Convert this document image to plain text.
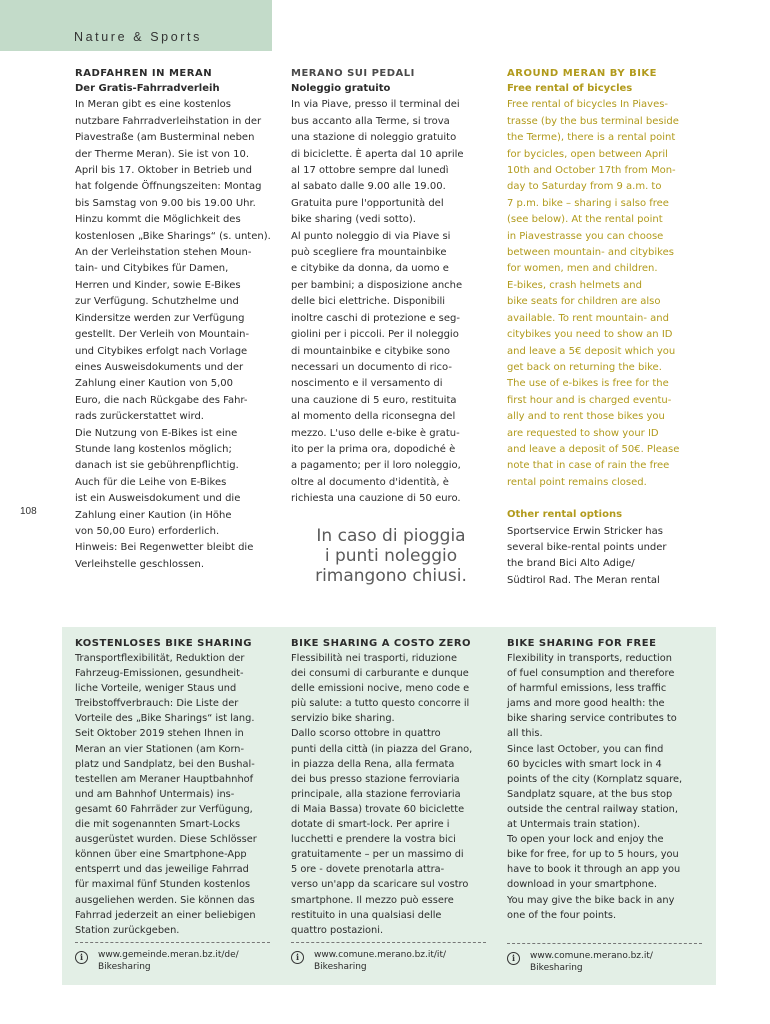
Nature & Sports
108

RADFAHREN IN MERAN

Der Gratis-Fahrradverleih

In Meran gibt es eine kostenlos
nutzbare Fahrradverleihstation in der
Piavestraße (am Busterminal neben
der Therme Meran). Sie ist von 10.
April bis 17. Oktober in Betrieb und
hat folgende Öffnungszeiten: Montag
bis Samstag von 9.00 bis 19.00 Uhr.
Hinzu kommt die Möglichkeit des
kostenlosen „Bike Sharings“ (s. unten).
An der Verleihstation stehen Moun-
tain- und Citybikes für Damen,
Herren und Kinder, sowie E-Bikes
zur Verfügung. Schutzhelme und
Kindersitze werden zur Verfügung
gestellt. Der Verleih von Mountain-
und Citybikes erfolgt nach Vorlage
eines Ausweisdokuments und der
Zahlung einer Kaution von 5,00
Euro, die nach Rückgabe des Fahr-
rads zurückerstattet wird.
Die Nutzung von E-Bikes ist eine
Stunde lang kostenlos möglich;
danach ist sie gebührenpflichtig.
Auch für die Leihe von E-Bikes
ist ein Ausweisdokument und die
Zahlung einer Kaution (in Höhe
von 50,00 Euro) erforderlich.
Hinweis: Bei Regenwetter bleibt die
Verleihstelle geschlossen.

MERANO SUI PEDALI

Noleggio gratuito

In via Piave, presso il terminal dei
bus accanto alla Terme, si trova
una stazione di noleggio gratuito
di biciclette. È aperta dal 10 aprile
al 17 ottobre sempre dal lunedì
al sabato dalle 9.00 alle 19.00.
Gratuita pure l'opportunità del
bike sharing (vedi sotto).
Al punto noleggio di via Piave si
può scegliere fra mountainbike
e citybike da donna, da uomo e
per bambini; a disposizione anche
delle bici elettriche. Disponibili
inoltre caschi di protezione e seg-
giolini per i piccoli. Per il noleggio
di mountainbike e citybike sono
necessari un documento di rico-
noscimento e il versamento di
una cauzione di 5 euro, restituita
al momento della riconsegna del
mezzo. L'uso delle e-bike è gratu-
ito per la prima ora, dopodiché è
a pagamento; per il loro noleggio,
oltre al documento d'identità, è
richiesta una cauzione di 50 euro.

In caso di pioggia
i punti noleggio
rimangono chiusi.

AROUND MERAN BY BIKE

Free rental of bicycles

Free rental of bicycles In Piaves-
trasse (by the bus terminal beside
the Terme), there is a rental point
for bycicles, open between April
10th and October 17th from Mon-
day to Saturday from 9 a.m. to
7 p.m. bike – sharing i salso free
(see below). At the rental point
in Piavestrasse you can choose
between mountain- and citybikes
for women, men and children.
E-bikes, crash helmets and
bike seats for children are also
available. To rent mountain- and
citybikes you need to show an ID
and leave a 5€ deposit which you
get back on returning the bike.
The use of e-bikes is free for the
first hour and is charged eventu-
ally and to rent those bikes you
are requested to show your ID
and leave a deposit of 50€. Please
note that in case of rain the free
rental point remains closed.

Other rental options

Sportservice Erwin Stricker has
several bike-rental points under
the brand Bici Alto Adige/
Südtirol Rad. The Meran rental

KOSTENLOSES BIKE SHARING

Transportflexibilität, Reduktion der
Fahrzeug-Emissionen, gesundheit-
liche Vorteile, weniger Staus und
Treibstoffverbrauch: Die Liste der
Vorteile des „Bike Sharings“ ist lang.
Seit Oktober 2019 stehen Ihnen in
Meran an vier Stationen (am Korn-
platz und Sandplatz, bei den Bushal-
testellen am Meraner Hauptbahnhof
und am Bahnhof Untermais) ins-
gesamt 60 Fahrräder zur Verfügung,
die mit sogenannten Smart-Locks
ausgerüstet wurden. Diese Schlösser
können über eine Smartphone-App
entsperrt und das jeweilige Fahrrad
für maximal fünf Stunden kostenlos
ausgeliehen werden. Sie können das
Fahrrad jederzeit an einer beliebigen
Station zurückgeben.

i	www.gemeinde.meran.bz.it/de/
Bikesharing

BIKE SHARING A COSTO ZERO

Flessibilità nei trasporti, riduzione
dei consumi di carburante e dunque
delle emissioni nocive, meno code e
più salute: a tutto questo concorre il
servizio bike sharing.
Dallo scorso ottobre in quattro
punti della città (in piazza del Grano,
in piazza della Rena, alla fermata
dei bus presso stazione ferroviaria
principale, alla stazione ferroviaria
di Maia Bassa) trovate 60 biciclette
dotate di smart-lock. Per aprire i
lucchetti e prendere la vostra bici
gratuitamente – per un massimo di
5 ore - dovete prenotarla attra-
verso un'app da scaricare sul vostro
smartphone. Il mezzo può essere
restituito in una qualsiasi delle
quattro postazioni.

i	www.comune.merano.bz.it/it/
Bikesharing

BIKE SHARING FOR FREE

Flexibility in transports, reduction
of fuel consumption and therefore
of harmful emissions, less traffic
jams and more good health: the
bike sharing service contributes to
all this.
Since last October, you can find
60 bycicles with smart lock in 4
points of the city (Kornplatz square,
Sandplatz square, at the bus stop
outside the central railway station,
at Untermais train station).
To open your lock and enjoy the
bike for free, for up to 5 hours, you
have to book it through an app you
download in your smartphone.
You may give the bike back in any
one of the four points.

i	www.comune.merano.bz.it/
Bikesharing
